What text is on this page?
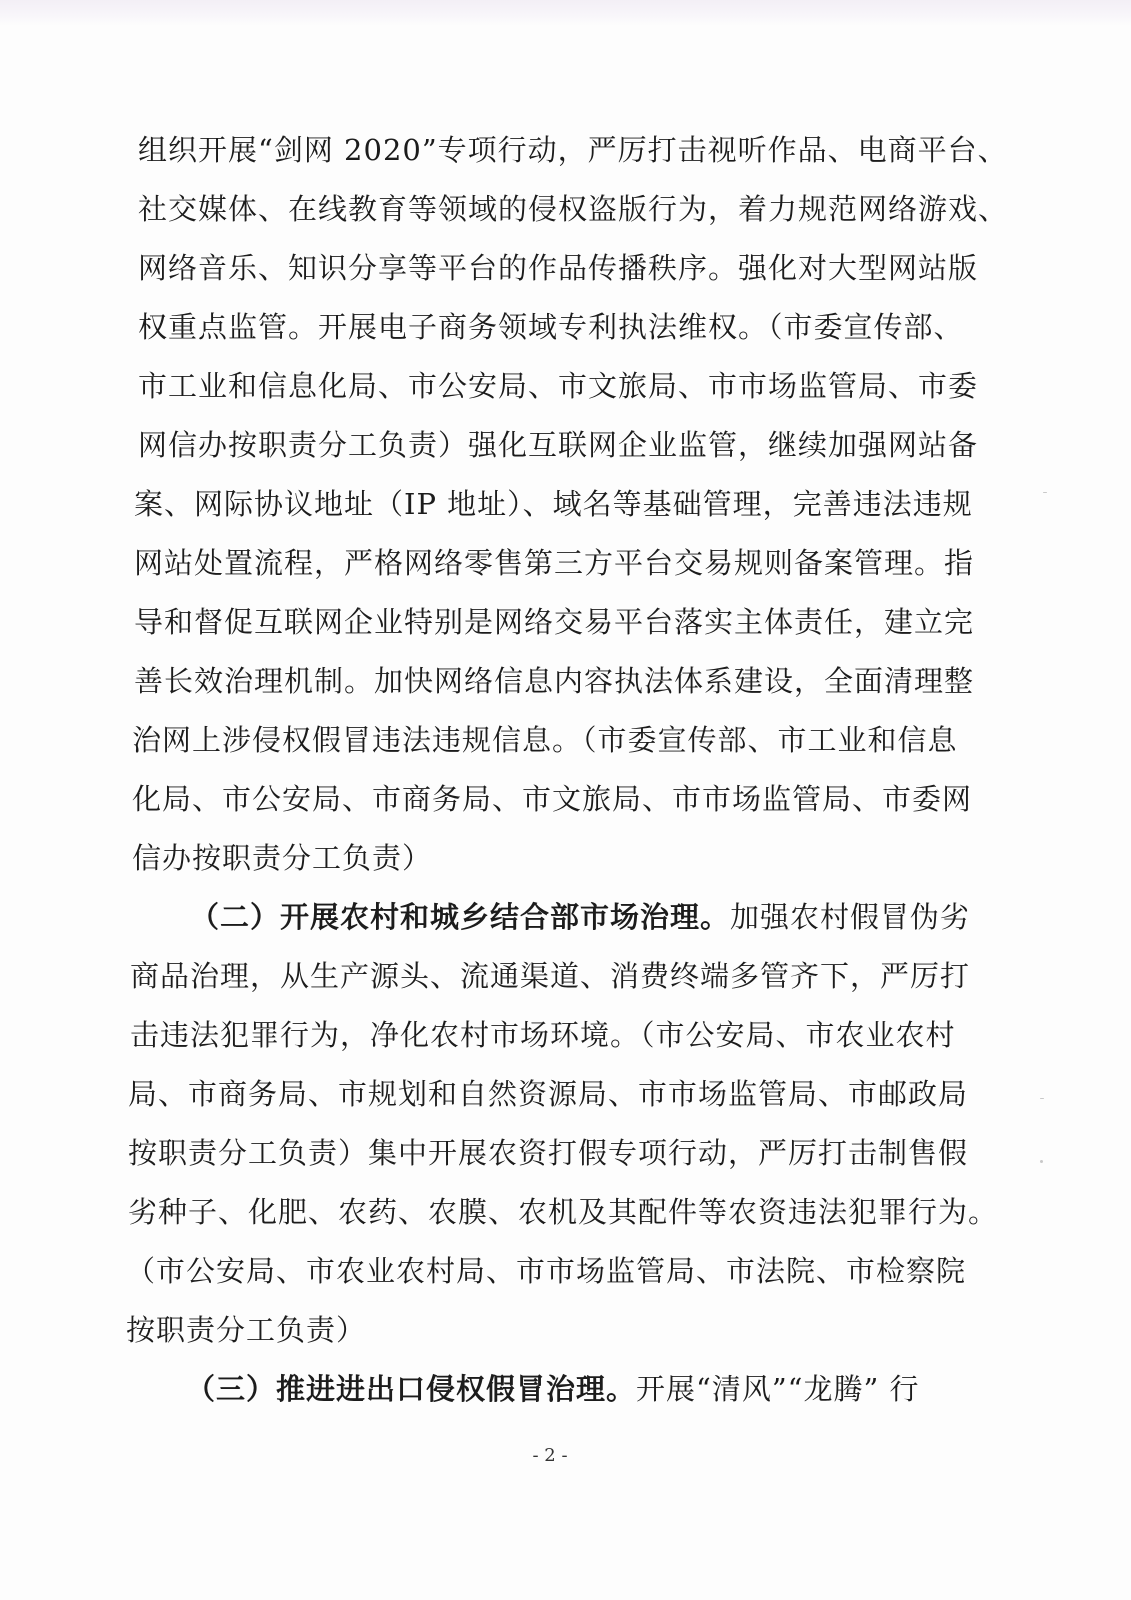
组织开展“剑网 2020”专项行动，严厉打击视听作品、电商平台、
社交媒体、在线教育等领域的侵权盗版行为，着力规范网络游戏、
网络音乐、知识分享等平台的作品传播秩序。强化对大型网站版
权重点监管。开展电子商务领域专利执法维权。（市委宣传部、
市工业和信息化局、市公安局、市文旅局、市市场监管局、市委
网信办按职责分工负责）强化互联网企业监管，继续加强网站备
案、网际协议地址（IP 地址）、域名等基础管理，完善违法违规
网站处置流程，严格网络零售第三方平台交易规则备案管理。指
导和督促互联网企业特别是网络交易平台落实主体责任，建立完
善长效治理机制。加快网络信息内容执法体系建设，全面清理整
治网上涉侵权假冒违法违规信息。（市委宣传部、市工业和信息
化局、市公安局、市商务局、市文旅局、市市场监管局、市委网
信办按职责分工负责）
（二）开展农村和城乡结合部市场治理。加强农村假冒伪劣
商品治理，从生产源头、流通渠道、消费终端多管齐下，严厉打
击违法犯罪行为，净化农村市场环境。（市公安局、市农业农村
局、市商务局、市规划和自然资源局、市市场监管局、市邮政局
按职责分工负责）集中开展农资打假专项行动，严厉打击制售假
劣种子、化肥、农药、农膜、农机及其配件等农资违法犯罪行为。
（市公安局、市农业农村局、市市场监管局、市法院、市检察院
按职责分工负责）
（三）推进进出口侵权假冒治理。开展“清风”“龙腾” 行
- 2 -
